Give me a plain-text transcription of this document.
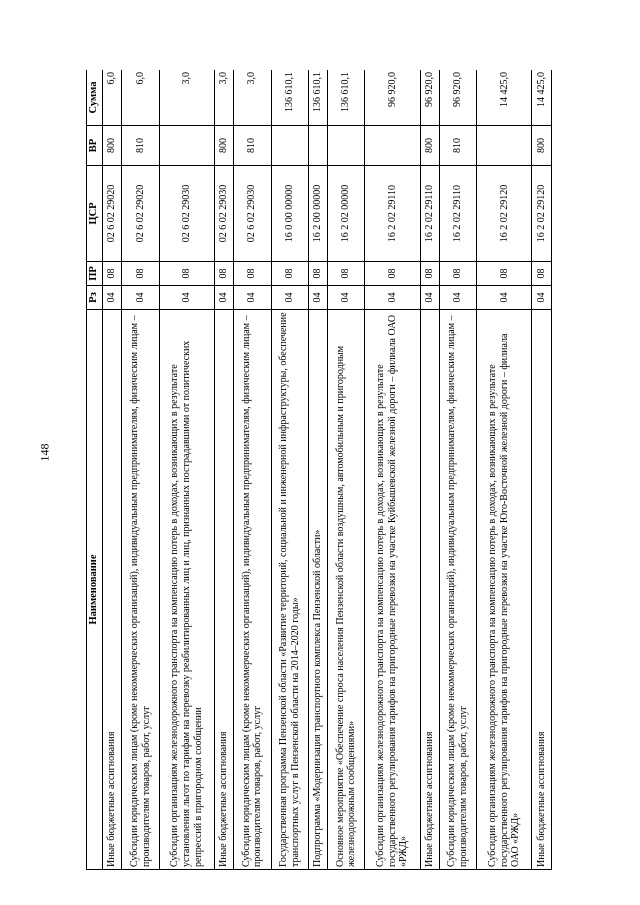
148
Наименование	Рз	ПР	ЦСР	ВР	Сумма
Иные бюджетные ассигнования	04	08	02 6 02 29020	800	6,0
Субсидии юридическим лицам (кроме некоммерческих организаций), индивидуальным предпринимателям, физическим лицам – производителям товаров, работ, услуг	04	08	02 6 02 29020	810	6,0
Субсидии организациям железнодорожного транспорта на компенсацию потерь в доходах, возникающих в результате установления льгот по тарифам на перевозку реабилитированных лиц и лиц, признанных пострадавшими от политических репрессий в пригородном сообщении	04	08	02 6 02 29030		3,0
Иные бюджетные ассигнования	04	08	02 6 02 29030	800	3,0
Субсидии юридическим лицам (кроме некоммерческих организаций), индивидуальным предпринимателям, физическим лицам – производителям товаров, работ, услуг	04	08	02 6 02 29030	810	3,0
Государственная программа Пензенской области «Развитие территорий, социальной и инженерной инфраструктуры, обеспечение транспортных услуг в Пензенской области на 2014–2020 годы»	04	08	16 0 00 00000		136 610,1
Подпрограмма «Модернизация транспортного комплекса Пензенской области»	04	08	16 2 00 00000		136 610,1
Основное мероприятие «Обеспечение спроса населения Пензенской области воздушным, автомобильным и пригородным железнодорожным сообщениями»	04	08	16 2 02 00000		136 610,1
Субсидии организациям железнодорожного транспорта на компенсацию потерь в доходах, возникающих в результате государственного регулирования тарифов на пригородные перевозки на участке Куйбышевской железной дороги – филиала ОАО «РЖД»	04	08	16 2 02 29110		96 920,0
Иные бюджетные ассигнования	04	08	16 2 02 29110	800	96 920,0
Субсидии юридическим лицам (кроме некоммерческих организаций), индивидуальным предпринимателям, физическим лицам – производителям товаров, работ, услуг	04	08	16 2 02 29110	810	96 920,0
Субсидии организациям железнодорожного транспорта на компенсацию потерь в доходах, возникающих в результате государственного регулирования тарифов на пригородные перевозки на участке Юго-Восточной железной дороги – филиала ОАО «РЖД»	04	08	16 2 02 29120		14 425,0
Иные бюджетные ассигнования	04	08	16 2 02 29120	800	14 425,0
